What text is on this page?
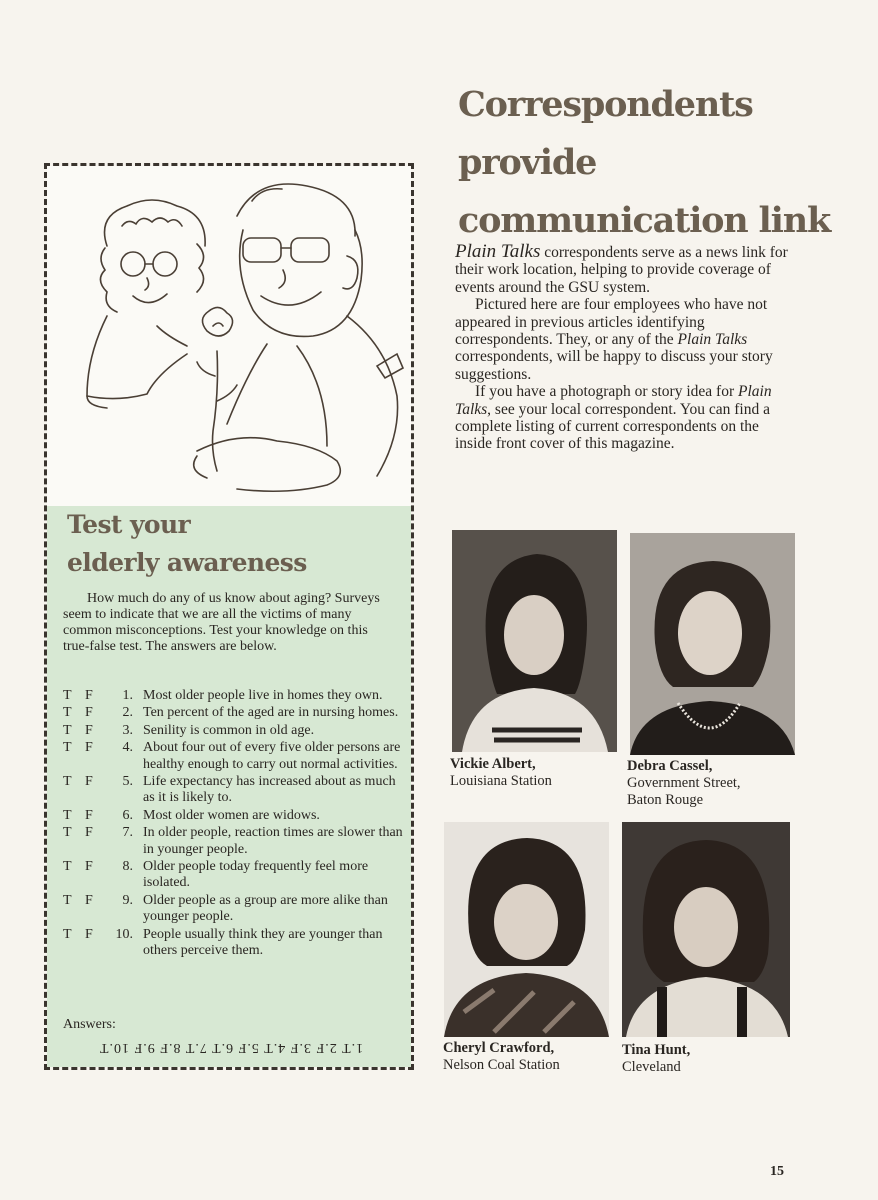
Test your
elderly awareness

How much do any of us know about aging? Surveys seem to indicate that we are all the victims of many common misconceptions. Test your knowledge on this true-false test. The answers are below.

T F	1. Most older people live in homes they own.
T F	2. Ten percent of the aged are in nursing homes.
T F	3. Senility is common in old age.
T F	4. About four out of every five older persons are healthy enough to carry out normal activities.
T F	5. Life expectancy has increased about as much as it is likely to.
T F	6. Most older women are widows.
T F	7. In older people, reaction times are slower than in younger people.
T F	8. Older people today frequently feel more isolated.
T F	9. Older people as a group are more alike than younger people.
T F	10. People usually think they are younger than others perceive them.

Answers:

1.T 2.F 3.F 4.T 5.F 6.T 7.T 8.F 9.F 10.T

Correspondents
provide
communication link

Plain Talks correspondents serve as a news link for their work location, helping to provide coverage of events around the GSU system.

Pictured here are four employees who have not appeared in previous articles identifying correspondents. They, or any of the Plain Talks correspondents, will be happy to discuss your story suggestions.

If you have a photograph or story idea for Plain Talks, see your local correspondent. You can find a complete listing of current correspondents on the inside front cover of this magazine.

Vickie Albert,
Louisiana Station

Debra Cassel,
Government Street,
Baton Rouge

Cheryl Crawford,
Nelson Coal Station

Tina Hunt,
Cleveland

15
